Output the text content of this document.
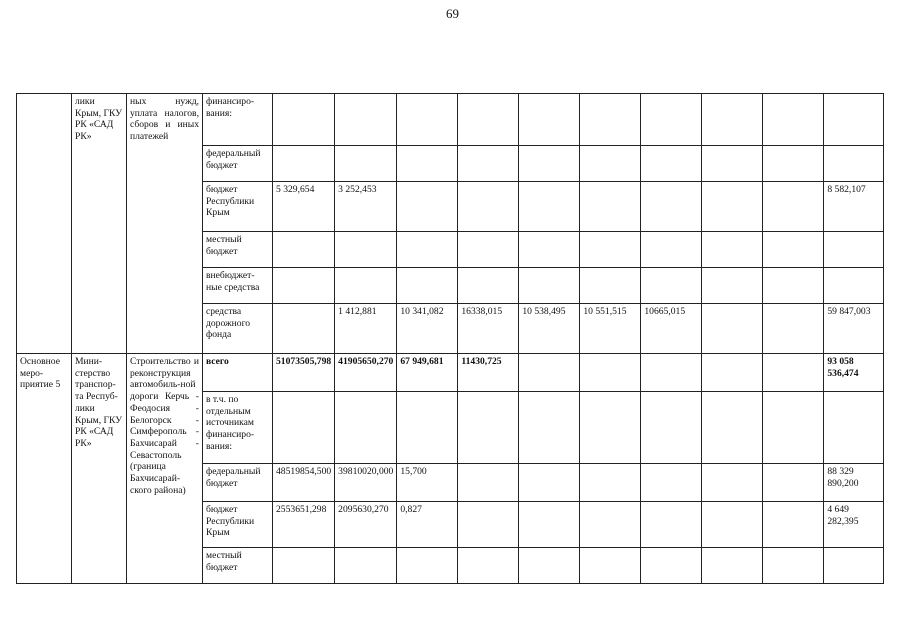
69
	лики Крым, ГКУ РК «САД РК»	ных нужд, уплата налогов, сборов и иных платежей	финансиро-вания:										
			федеральный бюджет										
			бюджет Республики Крым	5 329,654	3 252,453								8 582,107
			местный бюджет										
			внебюджет-ные средства										
			средства дорожного фонда		1 412,881	10 341,082	16338,015	10 538,495	10 551,515	10665,015			59 847,003
Основное меро-приятие 5	Мини-стерство транспор-та Респуб-лики Крым, ГКУ РК «САД РК»	Строительство и реконструкция автомобиль-ной дороги Керчь - Феодосия - Белогорск - Симферополь - Бахчисарай - Севастополь (граница Бахчисарай-ского района)	всего	51073505,798	41905650,270	67 949,681	11430,725						93 058 536,474
			в т.ч. по отдельным источникам финансиро-вания:										
			федеральный бюджет	48519854,500	39810020,000	15,700							88 329 890,200
			бюджет Республики Крым	2553651,298	2095630,270	0,827							4 649 282,395
			местный бюджет										
